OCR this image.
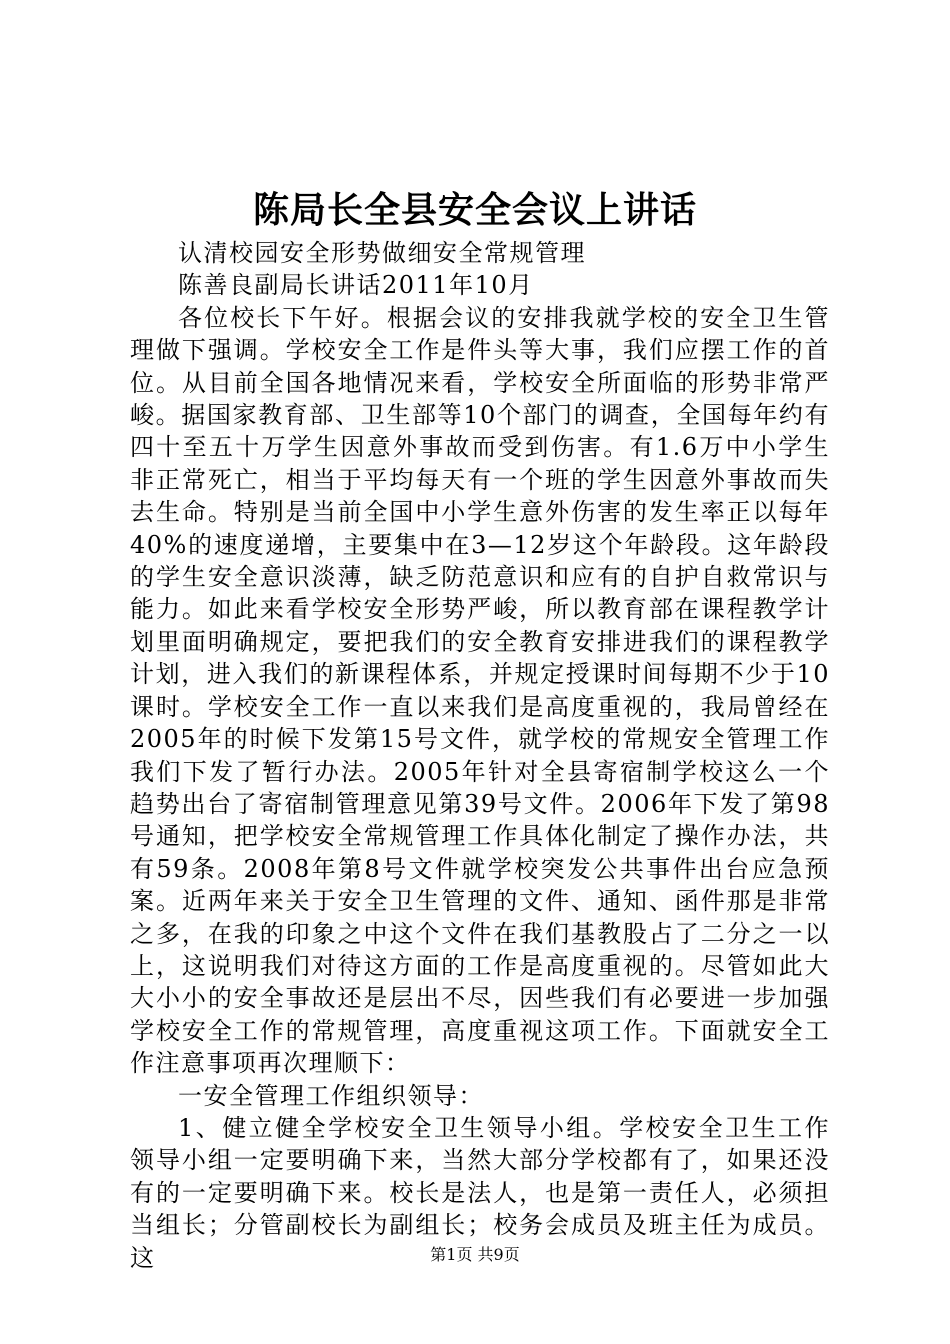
陈局长全县安全会议上讲话

认清校园安全形势做细安全常规管理

陈善良副局长讲话2011年10月

各位校长下午好。根据会议的安排我就学校的安全卫生管理做下强调。学校安全工作是件头等大事，我们应摆工作的首位。从目前全国各地情况来看，学校安全所面临的形势非常严峻。据国家教育部、卫生部等10个部门的调查，全国每年约有四十至五十万学生因意外事故而受到伤害。有1.6万中小学生非正常死亡，相当于平均每天有一个班的学生因意外事故而失去生命。特别是当前全国中小学生意外伤害的发生率正以每年40%的速度递增，主要集中在3—12岁这个年龄段。这年龄段的学生安全意识淡薄，缺乏防范意识和应有的自护自救常识与能力。如此来看学校安全形势严峻，所以教育部在课程教学计划里面明确规定，要把我们的安全教育安排进我们的课程教学计划，进入我们的新课程体系，并规定授课时间每期不少于10课时。学校安全工作一直以来我们是高度重视的，我局曾经在2005年的时候下发第15号文件，就学校的常规安全管理工作我们下发了暂行办法。2005年针对全县寄宿制学校这么一个趋势出台了寄宿制管理意见第39号文件。2006年下发了第98号通知，把学校安全常规管理工作具体化制定了操作办法，共有59条。2008年第8号文件就学校突发公共事件出台应急预案。近两年来关于安全卫生管理的文件、通知、函件那是非常之多，在我的印象之中这个文件在我们基教股占了二分之一以上，这说明我们对待这方面的工作是高度重视的。尽管如此大大小小的安全事故还是层出不尽，因些我们有必要进一步加强学校安全工作的常规管理，高度重视这项工作。下面就安全工作注意事项再次理顺下：

一安全管理工作组织领导：

1、健立健全学校安全卫生领导小组。学校安全卫生工作领导小组一定要明确下来，当然大部分学校都有了，如果还没有的一定要明确下来。校长是法人，也是第一责任人，必须担当组长；分管副校长为副组长；校务会成员及班主任为成员。这	第1页 共9页
